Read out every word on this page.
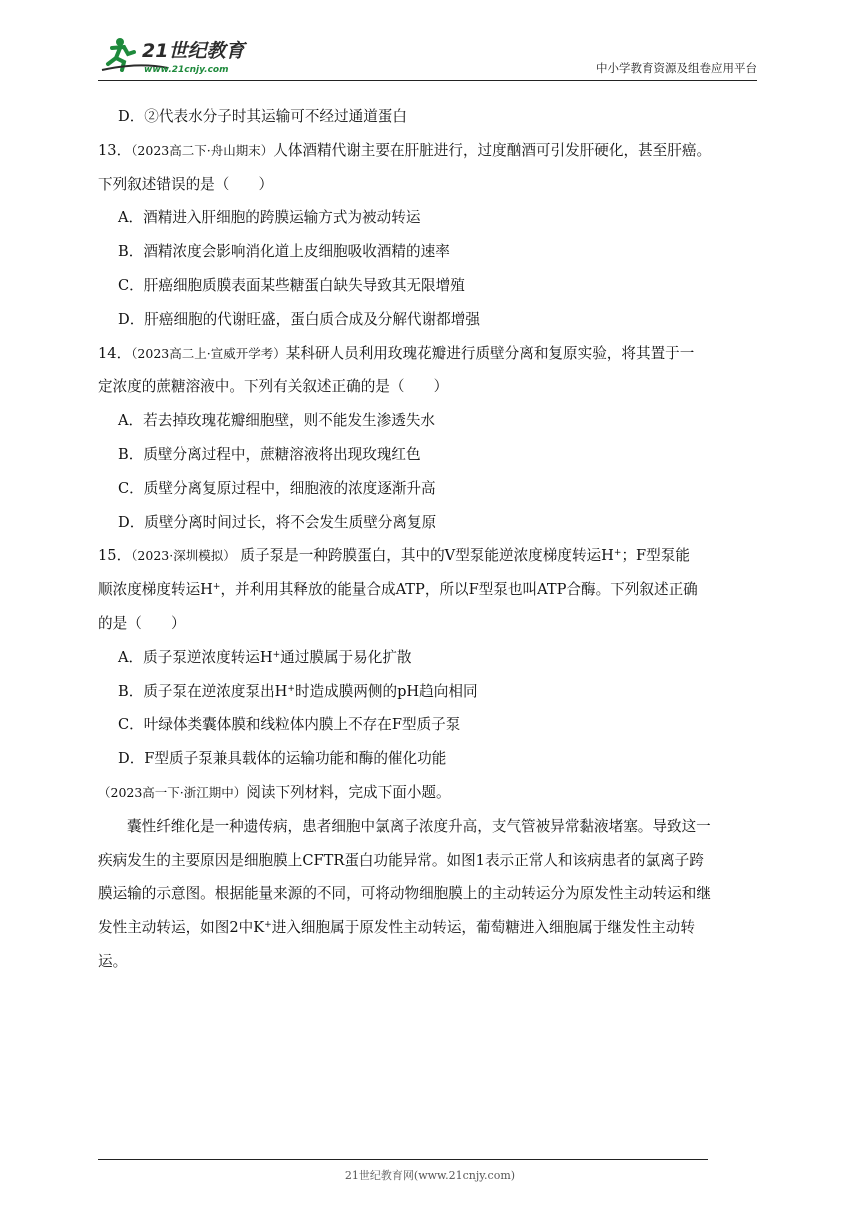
21世纪教育
www.21cnjy.com	中小学教育资源及组卷应用平台
D．②代表水分子时其运输可不经过通道蛋白
13．（2023高二下·舟山期末）人体酒精代谢主要在肝脏进行，过度酗酒可引发肝硬化，甚至肝癌。
下列叙述错误的是（　　）
A．酒精进入肝细胞的跨膜运输方式为被动转运
B．酒精浓度会影响消化道上皮细胞吸收酒精的速率
C．肝癌细胞质膜表面某些糖蛋白缺失导致其无限增殖
D．肝癌细胞的代谢旺盛，蛋白质合成及分解代谢都增强
14．（2023高二上·宣威开学考）某科研人员利用玫瑰花瓣进行质壁分离和复原实验，将其置于一
定浓度的蔗糖溶液中。下列有关叙述正确的是（　　）
A．若去掉玫瑰花瓣细胞壁，则不能发生渗透失水
B．质壁分离过程中，蔗糖溶液将出现玫瑰红色
C．质壁分离复原过程中，细胞液的浓度逐渐升高
D．质壁分离时间过长，将不会发生质壁分离复原
15．（2023·深圳模拟） 质子泵是一种跨膜蛋白，其中的V型泵能逆浓度梯度转运H+；F型泵能
顺浓度梯度转运H+，并利用其释放的能量合成ATP，所以F型泵也叫ATP合酶。下列叙述正确
的是（　　）
A．质子泵逆浓度转运H+通过膜属于易化扩散
B．质子泵在逆浓度泵出H+时造成膜两侧的pH趋向相同
C．叶绿体类囊体膜和线粒体内膜上不存在F型质子泵
D．F型质子泵兼具载体的运输功能和酶的催化功能
（2023高一下·浙江期中）阅读下列材料，完成下面小题。
囊性纤维化是一种遗传病，患者细胞中氯离子浓度升高，支气管被异常黏液堵塞。导致这一
疾病发生的主要原因是细胞膜上CFTR蛋白功能异常。如图1表示正常人和该病患者的氯离子跨
膜运输的示意图。根据能量来源的不同，可将动物细胞膜上的主动转运分为原发性主动转运和继
发性主动转运，如图2中K+进入细胞属于原发性主动转运，葡萄糖进入细胞属于继发性主动转
运。
21世纪教育网(www.21cnjy.com)
